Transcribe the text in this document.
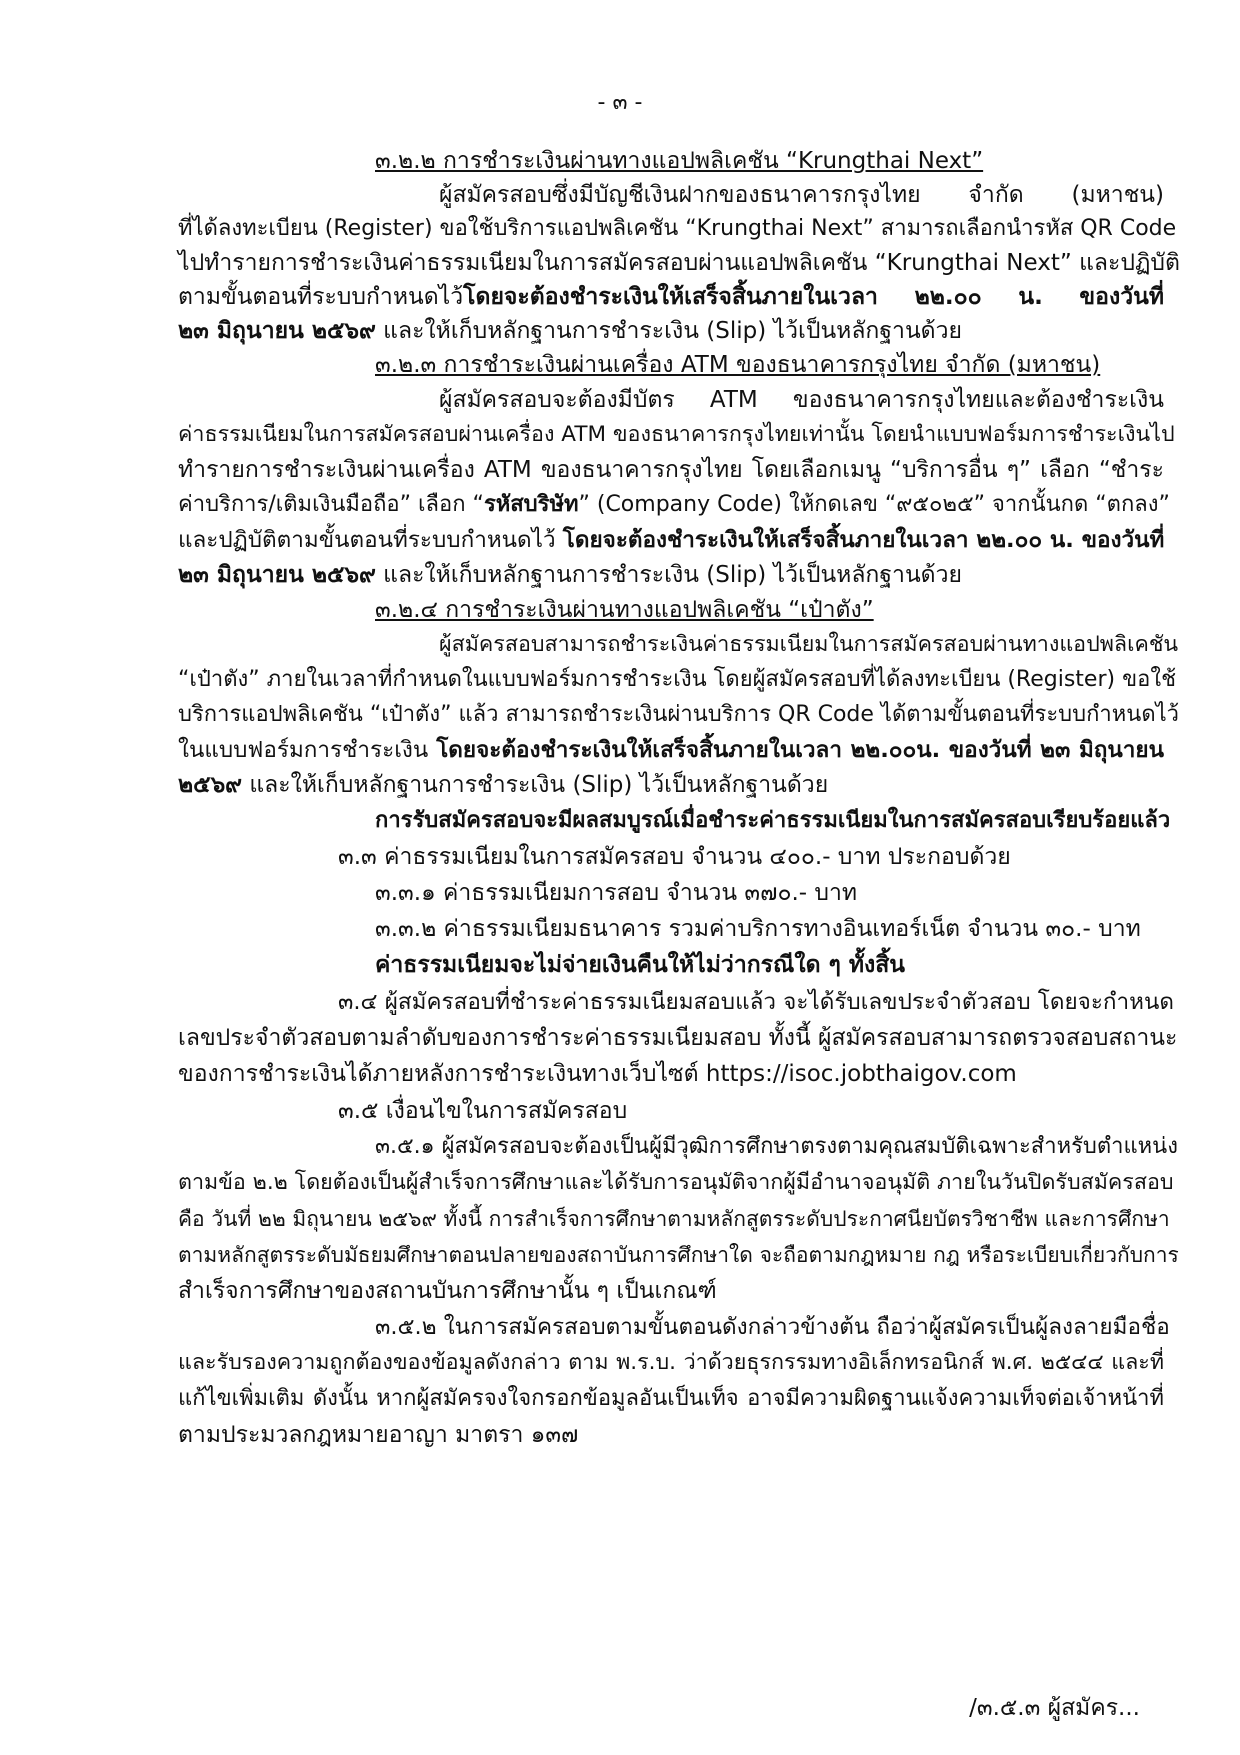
- ๓ -

๓.๒.๒ การชำระเงินผ่านทางแอปพลิเคชัน “Krungthai Next”

ผู้สมัครสอบซึ่งมีบัญชีเงินฝากของธนาคารกรุงไทย จำกัด (มหาชน)

ที่ได้ลงทะเบียน (Register) ขอใช้บริการแอปพลิเคชัน “Krungthai Next” สามารถเลือกนำรหัส QR Code

ไปทำรายการชำระเงินค่าธรรมเนียมในการสมัครสอบผ่านแอปพลิเคชัน “Krungthai Next” และปฏิบัติ

ตามขั้นตอนที่ระบบกำหนดไว้โดยจะต้องชำระเงินให้เสร็จสิ้นภายในเวลา ๒๒.๐๐ น. ของวันที่

๒๓ มิถุนายน ๒๕๖๙ และให้เก็บหลักฐานการชำระเงิน (Slip) ไว้เป็นหลักฐานด้วย

๓.๒.๓ การชำระเงินผ่านเครื่อง ATM ของธนาคารกรุงไทย จำกัด (มหาชน)

ผู้สมัครสอบจะต้องมีบัตร ATM ของธนาคารกรุงไทยและต้องชำระเงิน

ค่าธรรมเนียมในการสมัครสอบผ่านเครื่อง ATM ของธนาคารกรุงไทยเท่านั้น โดยนำแบบฟอร์มการชำระเงินไป

ทำรายการชำระเงินผ่านเครื่อง ATM ของธนาคารกรุงไทย โดยเลือกเมนู “บริการอื่น ๆ” เลือก “ชำระ

ค่าบริการ/เติมเงินมือถือ” เลือก “รหัสบริษัท” (Company Code) ให้กดเลข “๙๕๐๒๕” จากนั้นกด “ตกลง”

และปฏิบัติตามขั้นตอนที่ระบบกำหนดไว้ โดยจะต้องชำระเงินให้เสร็จสิ้นภายในเวลา ๒๒.๐๐ น. ของวันที่

๒๓ มิถุนายน ๒๕๖๙ และให้เก็บหลักฐานการชำระเงิน (Slip) ไว้เป็นหลักฐานด้วย

๓.๒.๔ การชำระเงินผ่านทางแอปพลิเคชัน “เป๋าตัง”

ผู้สมัครสอบสามารถชำระเงินค่าธรรมเนียมในการสมัครสอบผ่านทางแอปพลิเคชัน

“เป๋าตัง” ภายในเวลาที่กำหนดในแบบฟอร์มการชำระเงิน โดยผู้สมัครสอบที่ได้ลงทะเบียน (Register) ขอใช้

บริการแอปพลิเคชัน “เป๋าตัง” แล้ว สามารถชำระเงินผ่านบริการ QR Code ได้ตามขั้นตอนที่ระบบกำหนดไว้

ในแบบฟอร์มการชำระเงิน โดยจะต้องชำระเงินให้เสร็จสิ้นภายในเวลา ๒๒.๐๐น. ของวันที่ ๒๓ มิถุนายน

๒๕๖๙ และให้เก็บหลักฐานการชำระเงิน (Slip) ไว้เป็นหลักฐานด้วย

การรับสมัครสอบจะมีผลสมบูรณ์เมื่อชำระค่าธรรมเนียมในการสมัครสอบเรียบร้อยแล้ว

๓.๓ ค่าธรรมเนียมในการสมัครสอบ จำนวน ๔๐๐.- บาท ประกอบด้วย

๓.๓.๑ ค่าธรรมเนียมการสอบ จำนวน ๓๗๐.- บาท

๓.๓.๒ ค่าธรรมเนียมธนาคาร รวมค่าบริการทางอินเทอร์เน็ต จำนวน ๓๐.- บาท

ค่าธรรมเนียมจะไม่จ่ายเงินคืนให้ไม่ว่ากรณีใด ๆ ทั้งสิ้น

๓.๔ ผู้สมัครสอบที่ชำระค่าธรรมเนียมสอบแล้ว จะได้รับเลขประจำตัวสอบ โดยจะกำหนด

เลขประจำตัวสอบตามลำดับของการชำระค่าธรรมเนียมสอบ ทั้งนี้ ผู้สมัครสอบสามารถตรวจสอบสถานะ

ของการชำระเงินได้ภายหลังการชำระเงินทางเว็บไซต์ https://isoc.jobthaigov.com

๓.๕ เงื่อนไขในการสมัครสอบ

๓.๕.๑ ผู้สมัครสอบจะต้องเป็นผู้มีวุฒิการศึกษาตรงตามคุณสมบัติเฉพาะสำหรับตำแหน่ง

ตามข้อ ๒.๒ โดยต้องเป็นผู้สำเร็จการศึกษาและได้รับการอนุมัติจากผู้มีอำนาจอนุมัติ ภายในวันปิดรับสมัครสอบ

คือ วันที่ ๒๒ มิถุนายน ๒๕๖๙ ทั้งนี้ การสำเร็จการศึกษาตามหลักสูตรระดับประกาศนียบัตรวิชาชีพ และการศึกษา

ตามหลักสูตรระดับมัธยมศึกษาตอนปลายของสถาบันการศึกษาใด จะถือตามกฎหมาย กฎ หรือระเบียบเกี่ยวกับการ

สำเร็จการศึกษาของสถานบันการศึกษานั้น ๆ เป็นเกณฑ์

๓.๕.๒ ในการสมัครสอบตามขั้นตอนดังกล่าวข้างต้น ถือว่าผู้สมัครเป็นผู้ลงลายมือชื่อ

และรับรองความถูกต้องของข้อมูลดังกล่าว ตาม พ.ร.บ. ว่าด้วยธุรกรรมทางอิเล็กทรอนิกส์ พ.ศ. ๒๕๔๔ และที่

แก้ไขเพิ่มเติม ดังนั้น หากผู้สมัครจงใจกรอกข้อมูลอันเป็นเท็จ อาจมีความผิดฐานแจ้งความเท็จต่อเจ้าหน้าที่

ตามประมวลกฎหมายอาญา มาตรา ๑๓๗

/๓.๕.๓ ผู้สมัคร...
